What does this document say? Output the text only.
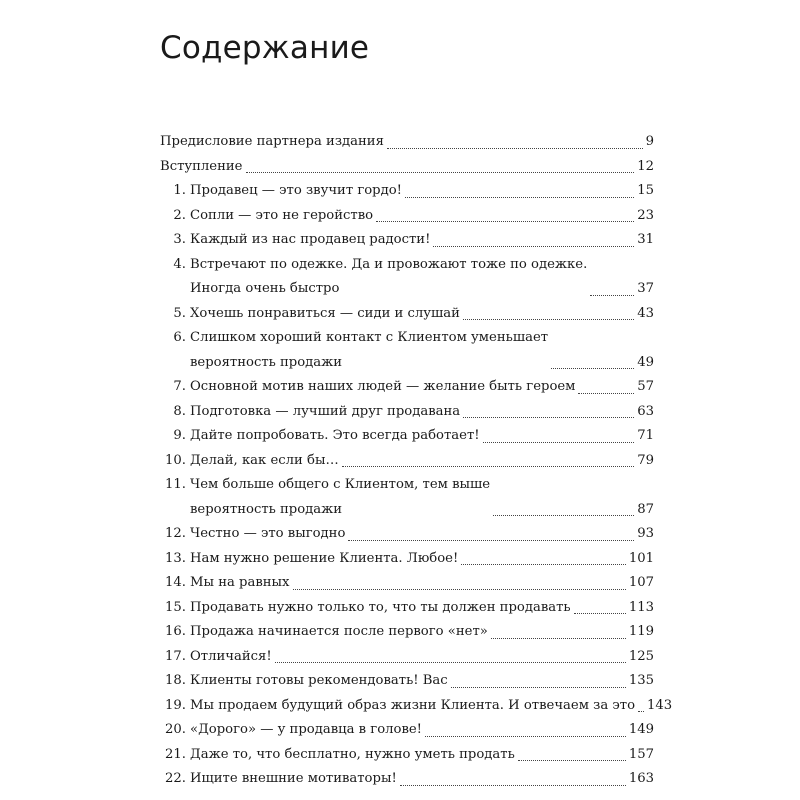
Содержание
Предисловие партнера издания	9
Вступление	12
1. Продавец — это звучит гордо!	15
2. Сопли — это не геройство	23
3. Каждый из нас продавец радости!	31
4. Встречают по одежке. Да и провожают тоже по одежке.
Иногда очень быстро	37
5. Хочешь понравиться — сиди и слушай	43
6. Слишком хороший контакт с Клиентом уменьшает
вероятность продажи	49
7. Основной мотив наших людей — желание быть героем	57
8. Подготовка — лучший друг продавана	63
9. Дайте попробовать. Это всегда работает!	71
10. Делай, как если бы…	79
11. Чем больше общего с Клиентом, тем выше
вероятность продажи	87
12. Честно — это выгодно	93
13. Нам нужно решение Клиента. Любое!	101
14. Мы на равных	107
15. Продавать нужно только то, что ты должен продавать	113
16. Продажа начинается после первого «нет»	119
17. Отличайся!	125
18. Клиенты готовы рекомендовать! Вас	135
19. Мы продаем будущий образ жизни Клиента. И отвечаем за это 143
20. «Дорого» — у продавца в голове!	149
21. Даже то, что бесплатно, нужно уметь продать	157
22. Ищите внешние мотиваторы!	163
